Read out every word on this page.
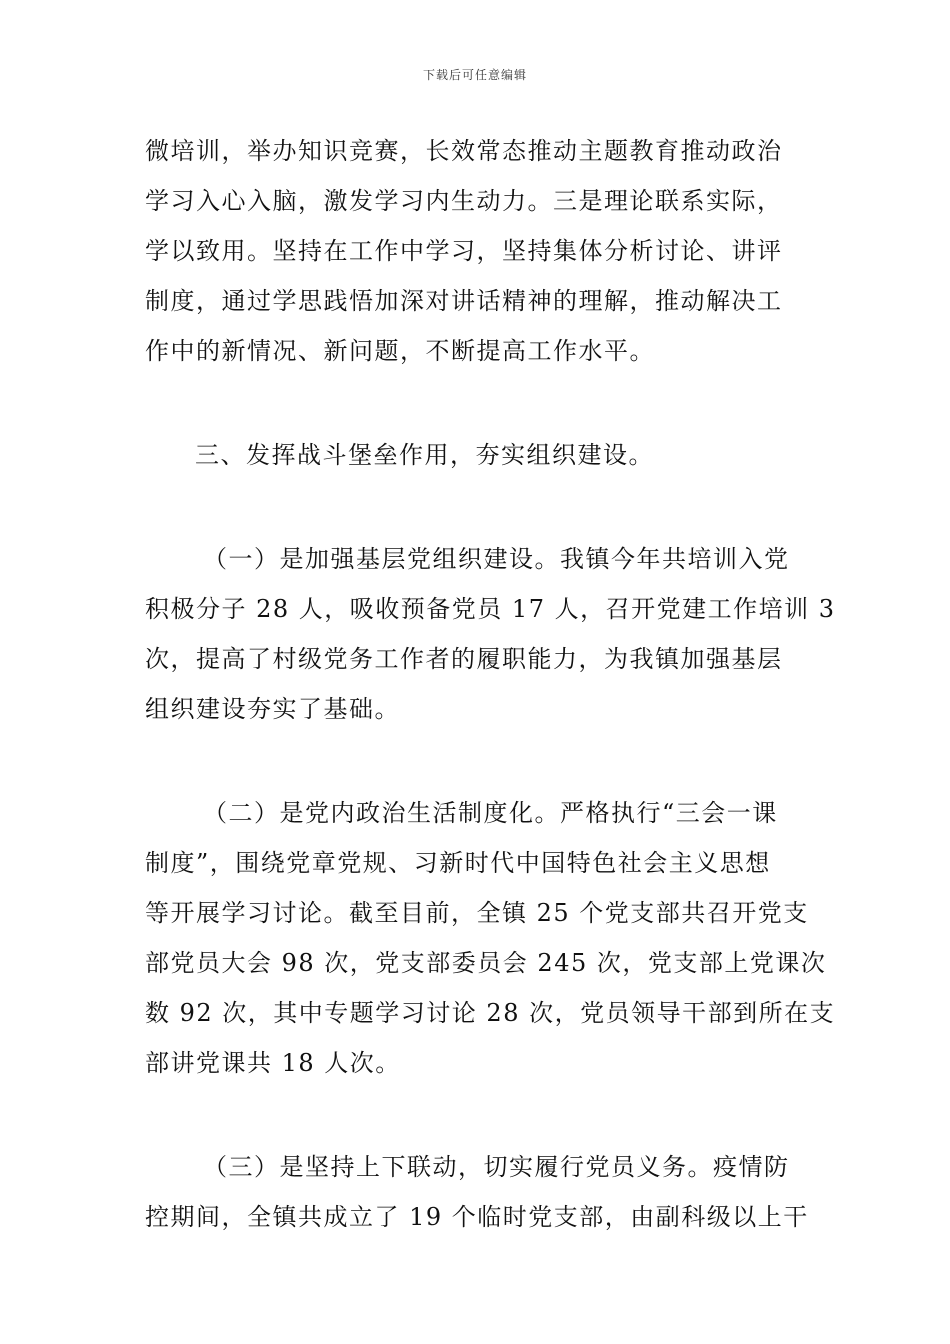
下载后可任意编辑

微培训，举办知识竞赛，长效常态推动主题教育推动政治
学习入心入脑，激发学习内生动力。三是理论联系实际，
学以致用。坚持在工作中学习，坚持集体分析讨论、讲评
制度，通过学思践悟加深对讲话精神的理解，推动解决工
作中的新情况、新问题，不断提高工作水平。

三、发挥战斗堡垒作用，夯实组织建设。

（一）是加强基层党组织建设。我镇今年共培训入党
积极分子 28 人，吸收预备党员 17 人，召开党建工作培训 3
次，提高了村级党务工作者的履职能力，为我镇加强基层
组织建设夯实了基础。

（二）是党内政治生活制度化。严格执行“三会一课
制度”，围绕党章党规、习新时代中国特色社会主义思想
等开展学习讨论。截至目前，全镇 25 个党支部共召开党支
部党员大会 98 次，党支部委员会 245 次，党支部上党课次
数 92 次，其中专题学习讨论 28 次，党员领导干部到所在支
部讲党课共 18 人次。

（三）是坚持上下联动，切实履行党员义务。疫情防
控期间，全镇共成立了 19 个临时党支部，由副科级以上干
